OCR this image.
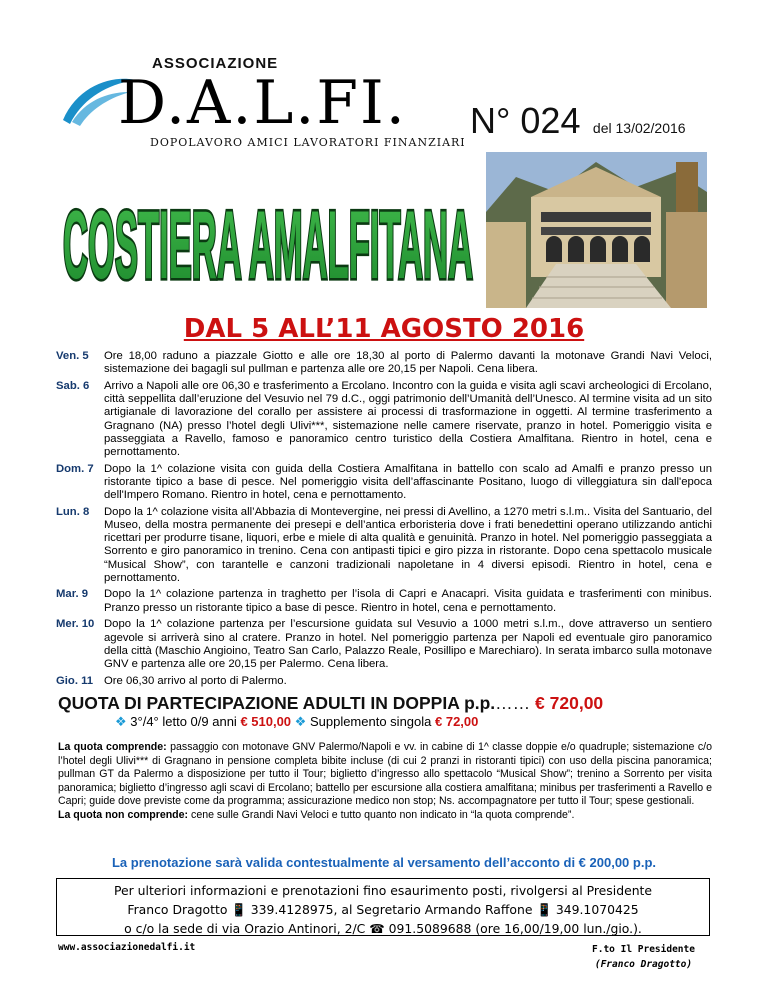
ASSOCIAZIONE
D.A.L.FI.
DOPOLAVORO AMICI LAVORATORI FINANZIARI
N° 024 del 13/02/2016
COSTIERA AMALFITANA
DAL 5 ALL’11 AGOSTO 2016
Ven. 5	Ore 18,00 raduno a piazzale Giotto e alle ore 18,30 al porto di Palermo davanti la motonave Grandi Navi Veloci, sistemazione dei bagagli sul pullman e partenza alle ore 20,15 per Napoli. Cena libera.
Sab. 6	Arrivo a Napoli alle ore 06,30 e trasferimento a Ercolano. Incontro con la guida e visita agli scavi archeologici di Ercolano, città seppellita dall’eruzione del Vesuvio nel 79 d.C., oggi patrimonio dell’Umanità dell’Unesco. Al termine visita ad un sito artigianale di lavorazione del corallo per assistere ai processi di trasformazione in oggetti. Al termine trasferimento a Gragnano (NA) presso l’hotel degli Ulivi***, sistemazione nelle camere riservate, pranzo in hotel. Pomeriggio visita e passeggiata a Ravello, famoso e panoramico centro turistico della Costiera Amalfitana. Rientro in hotel, cena e pernottamento.
Dom. 7 Dopo la 1^ colazione visita con guida della Costiera Amalfitana in battello con scalo ad Amalfi e pranzo presso un ristorante tipico a base di pesce. Nel pomeriggio visita dell’affascinante Positano, luogo di villeggiatura sin dall'epoca dell'Impero Romano. Rientro in hotel, cena e pernottamento.
Lun. 8	Dopo la 1^ colazione visita all’Abbazia di Montevergine, nei pressi di Avellino, a 1270 metri s.l.m.. Visita del Santuario, del Museo, della mostra permanente dei presepi e dell’antica erboristeria dove i frati benedettini operano utilizzando antichi ricettari per produrre tisane, liquori, erbe e miele di alta qualità e genuinità. Pranzo in hotel. Nel pomeriggio passeggiata a Sorrento e giro panoramico in trenino. Cena con antipasti tipici e giro pizza in ristorante. Dopo cena spettacolo musicale “Musical Show”, con tarantelle e canzoni tradizionali napoletane in 4 diversi episodi. Rientro in hotel, cena e pernottamento.
Mar. 9	Dopo la 1^ colazione partenza in traghetto per l’isola di Capri e Anacapri. Visita guidata e trasferimenti con minibus. Pranzo presso un ristorante tipico a base di pesce. Rientro in hotel, cena e pernottamento.
Mer. 10 Dopo la 1^ colazione partenza per l’escursione guidata sul Vesuvio a 1000 metri s.l.m., dove attraverso un sentiero agevole si arriverà sino al cratere. Pranzo in hotel. Nel pomeriggio partenza per Napoli ed eventuale giro panoramico della città (Maschio Angioino, Teatro San Carlo, Palazzo Reale, Posillipo e Marechiaro). In serata imbarco sulla motonave GNV e partenza alle ore 20,15 per Palermo. Cena libera.
Gio. 11 Ore 06,30 arrivo al porto di Palermo.
QUOTA DI PARTECIPAZIONE ADULTI IN DOPPIA p.p.…… € 720,00
❖ 3°/4° letto 0/9 anni € 510,00 ❖ Supplemento singola € 72,00
La quota comprende: passaggio con motonave GNV Palermo/Napoli e vv. in cabine di 1^ classe doppie e/o quadruple; sistemazione c/o l’hotel degli Ulivi*** di Gragnano in pensione completa bibite incluse (di cui 2 pranzi in ristoranti tipici) con uso della piscina panoramica; pullman GT da Palermo a disposizione per tutto il Tour; biglietto d’ingresso allo spettacolo “Musical Show”; trenino a Sorrento per visita panoramica; biglietto d’ingresso agli scavi di Ercolano; battello per escursione alla costiera amalfitana; minibus per trasferimenti a Ravello e Capri; guide dove previste come da programma; assicurazione medico non stop; Ns. accompagnatore per tutto il Tour; spese gestionali.
La quota non comprende: cene sulle Grandi Navi Veloci e tutto quanto non indicato in “la quota comprende”.
La prenotazione sarà valida contestualmente al versamento dell’acconto di € 200,00 p.p.
Per ulteriori informazioni e prenotazioni fino esaurimento posti, rivolgersi al Presidente
Franco Dragotto 📱 339.4128975, al Segretario Armando Raffone 📱 349.1070425
o c/o la sede di via Orazio Antinori, 2/C ☎ 091.5089688 (ore 16,00/19,00 lun./gio.).
www.associazionedalfi.it	F.to Il Presidente
(Franco Dragotto)
